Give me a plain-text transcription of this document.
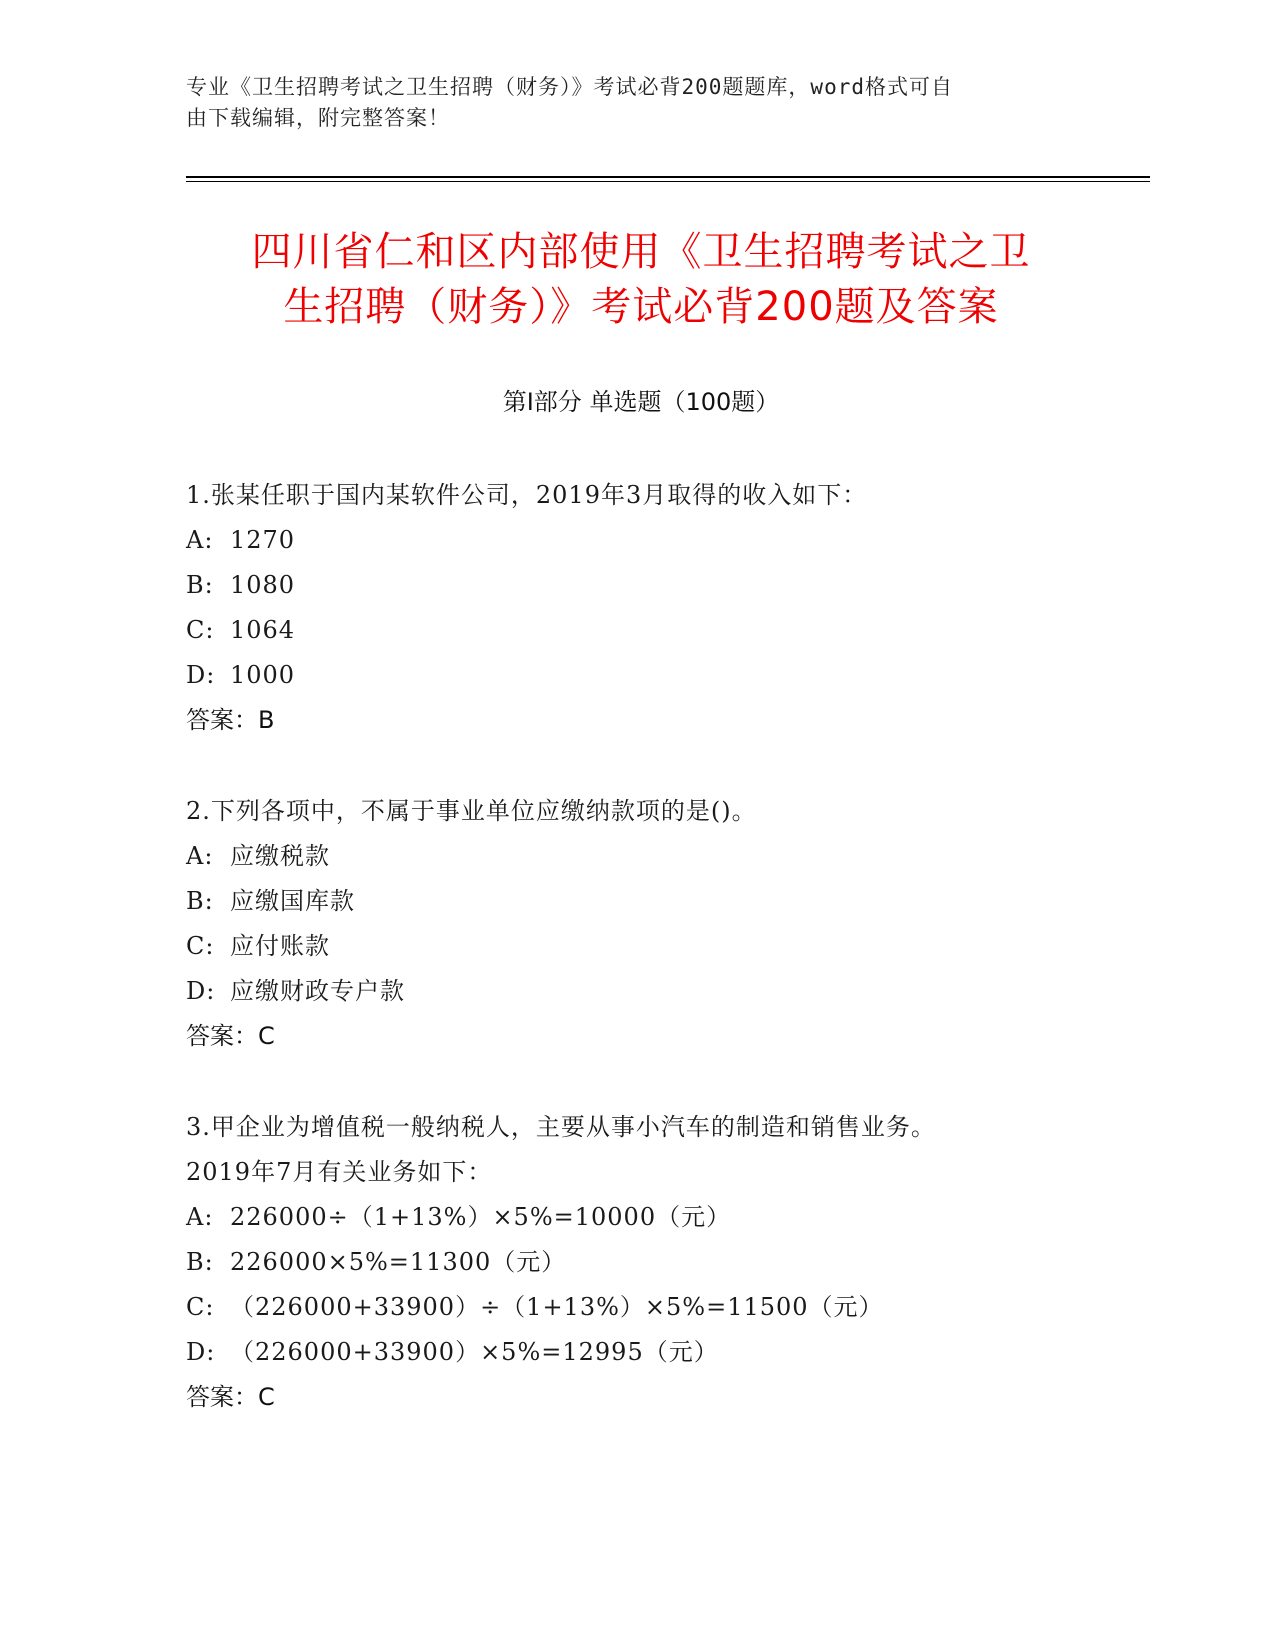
专业《卫生招聘考试之卫生招聘（财务）》考试必背200题题库，word格式可自
由下载编辑，附完整答案！
四川省仁和区内部使用《卫生招聘考试之卫
生招聘（财务）》考试必背200题及答案
第Ⅰ部分 单选题（100题）

1.张某任职于国内某软件公司，2019年3月取得的收入如下：

A: 1270

B: 1080

C: 1064

D: 1000

答案：B

2.下列各项中，不属于事业单位应缴纳款项的是()。

A: 应缴税款

B: 应缴国库款

C: 应付账款

D: 应缴财政专户款

答案：C

3.甲企业为增值税一般纳税人，主要从事小汽车的制造和销售业务。

2019年7月有关业务如下：

A: 226000÷（1+13%）×5%=10000（元）

B: 226000×5%=11300（元）

C: （226000+33900）÷（1+13%）×5%=11500（元）

D: （226000+33900）×5%=12995（元）

答案：C
